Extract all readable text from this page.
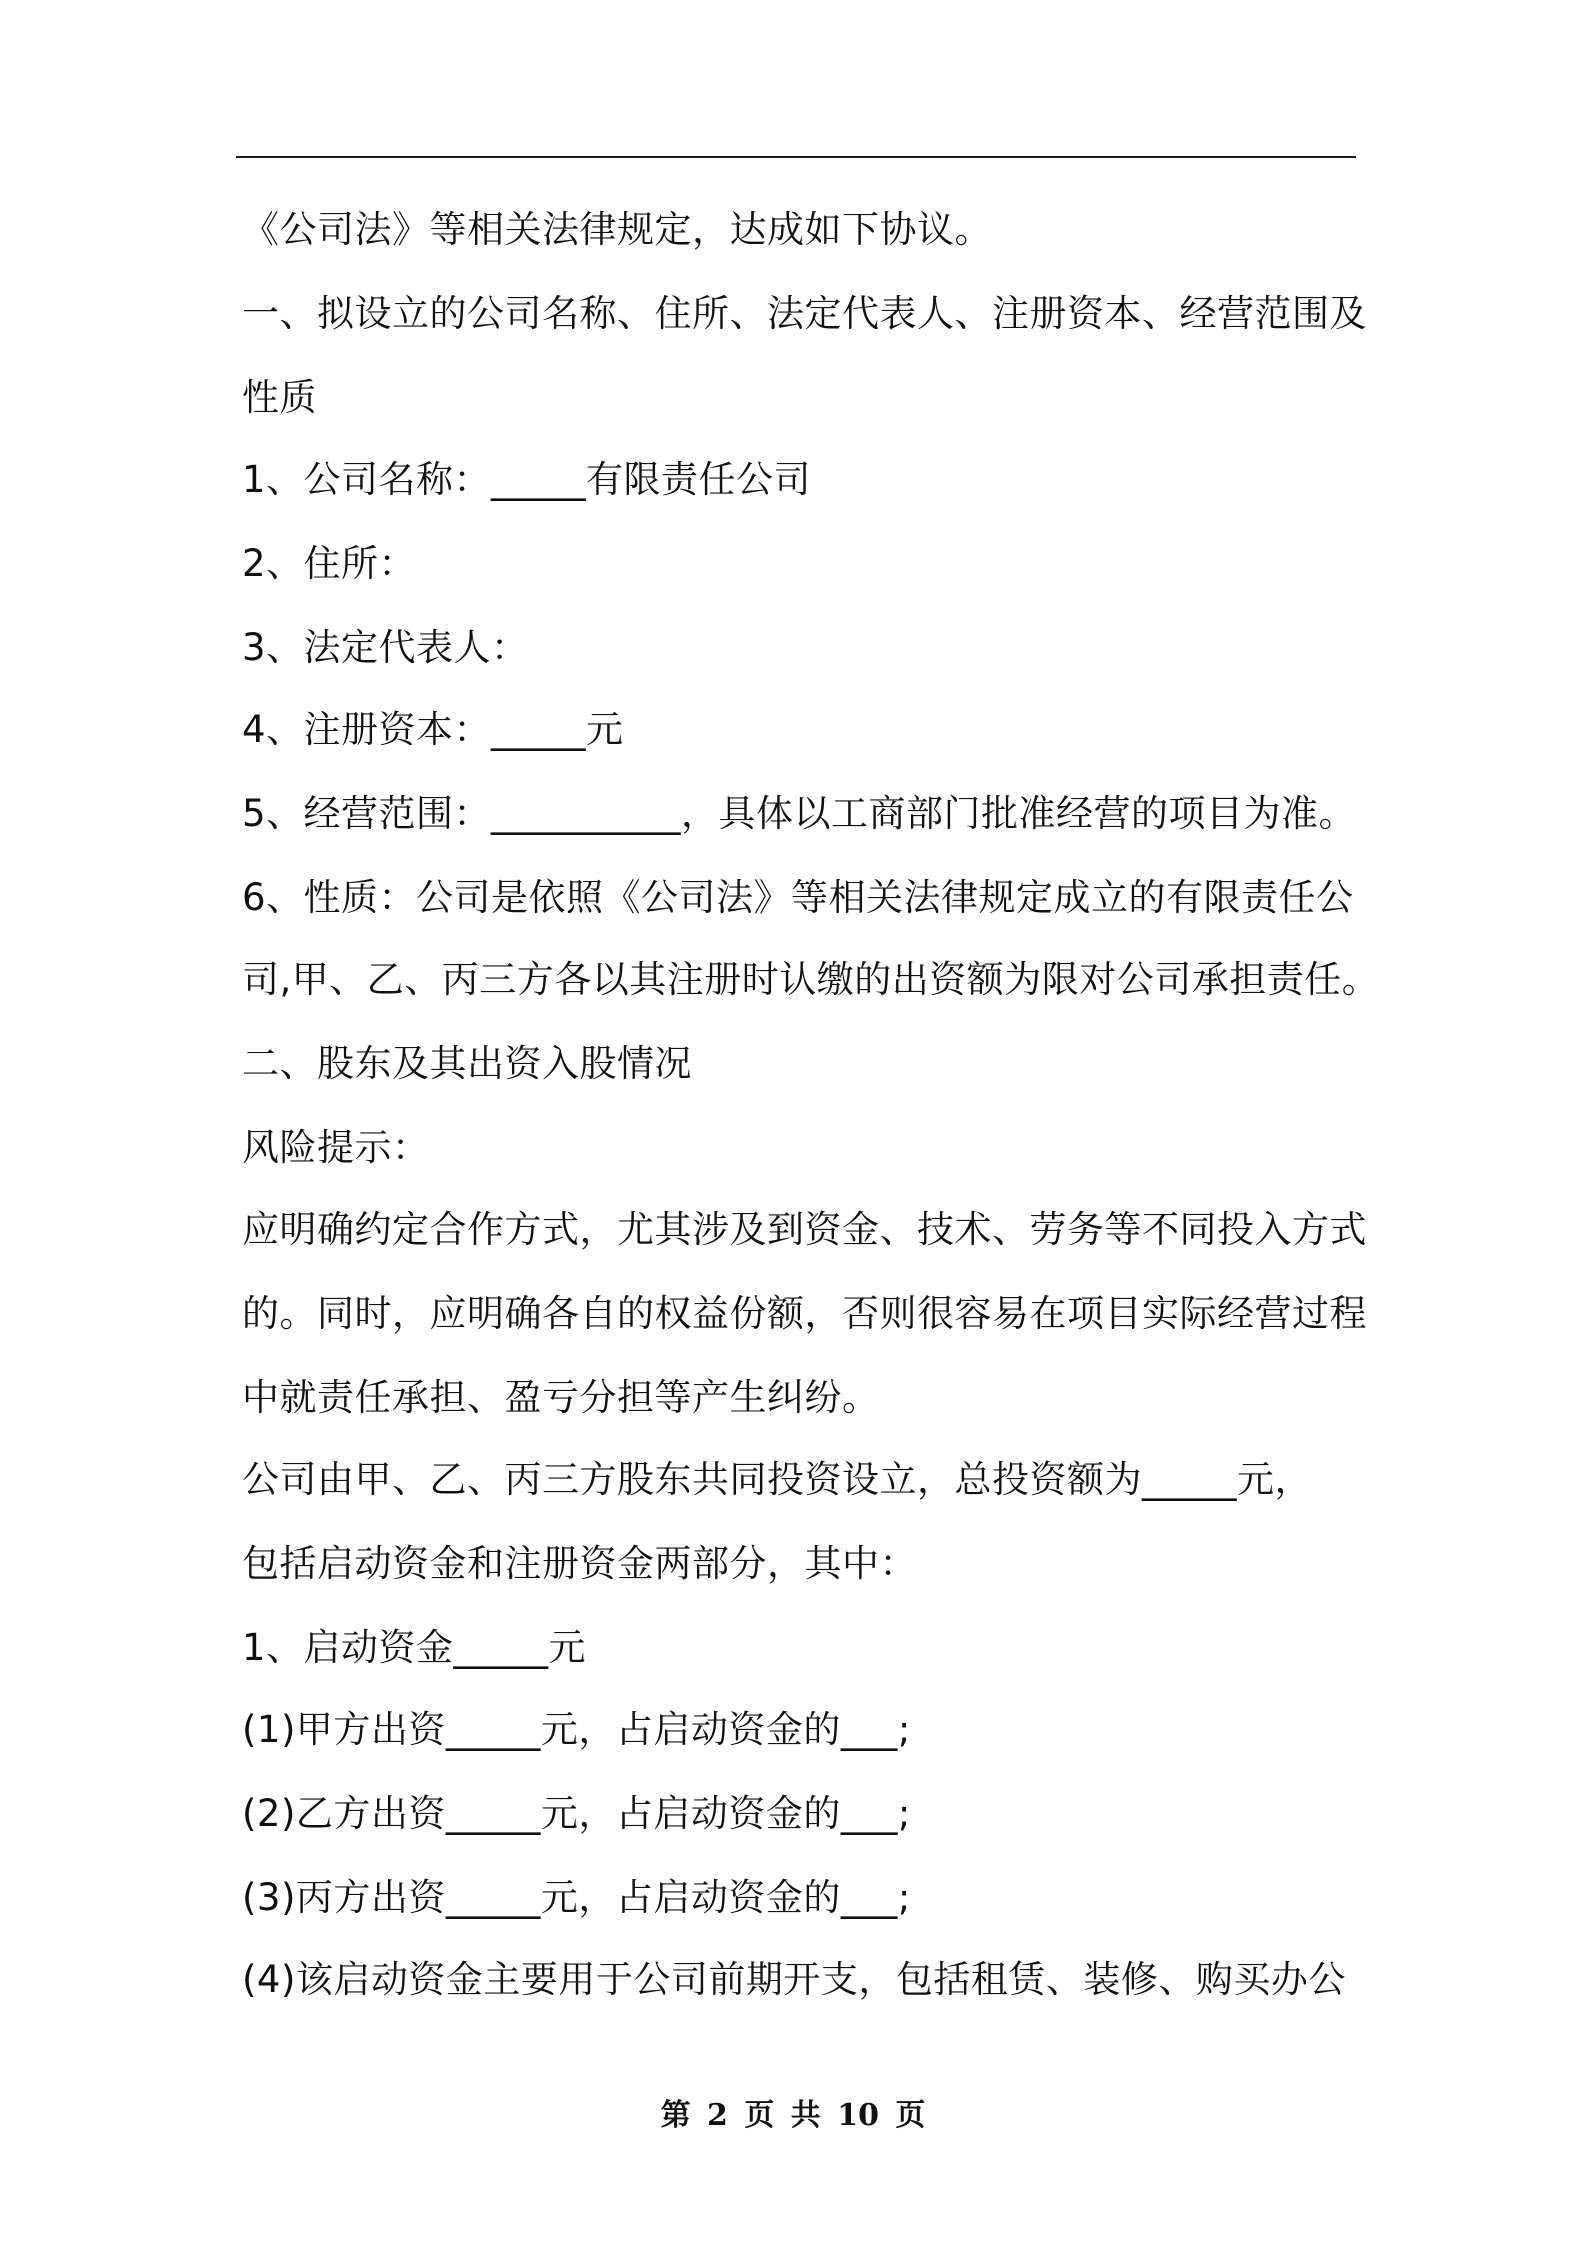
《公司法》等相关法律规定，达成如下协议。
一、拟设立的公司名称、住所、法定代表人、注册资本、经营范围及
性质
1、公司名称：_____有限责任公司
2、住所：
3、法定代表人：
4、注册资本：_____元
5、经营范围：__________，具体以工商部门批准经营的项目为准。
6、性质：公司是依照《公司法》等相关法律规定成立的有限责任公
司,甲、乙、丙三方各以其注册时认缴的出资额为限对公司承担责任。
二、股东及其出资入股情况
风险提示：
应明确约定合作方式，尤其涉及到资金、技术、劳务等不同投入方式
的。同时，应明确各自的权益份额，否则很容易在项目实际经营过程
中就责任承担、盈亏分担等产生纠纷。
公司由甲、乙、丙三方股东共同投资设立，总投资额为_____元，
包括启动资金和注册资金两部分，其中：
1、启动资金_____元
(1)甲方出资_____元，占启动资金的___;
(2)乙方出资_____元，占启动资金的___;
(3)丙方出资_____元，占启动资金的___;
(4)该启动资金主要用于公司前期开支，包括租赁、装修、购买办公
第 2 页 共 10 页
